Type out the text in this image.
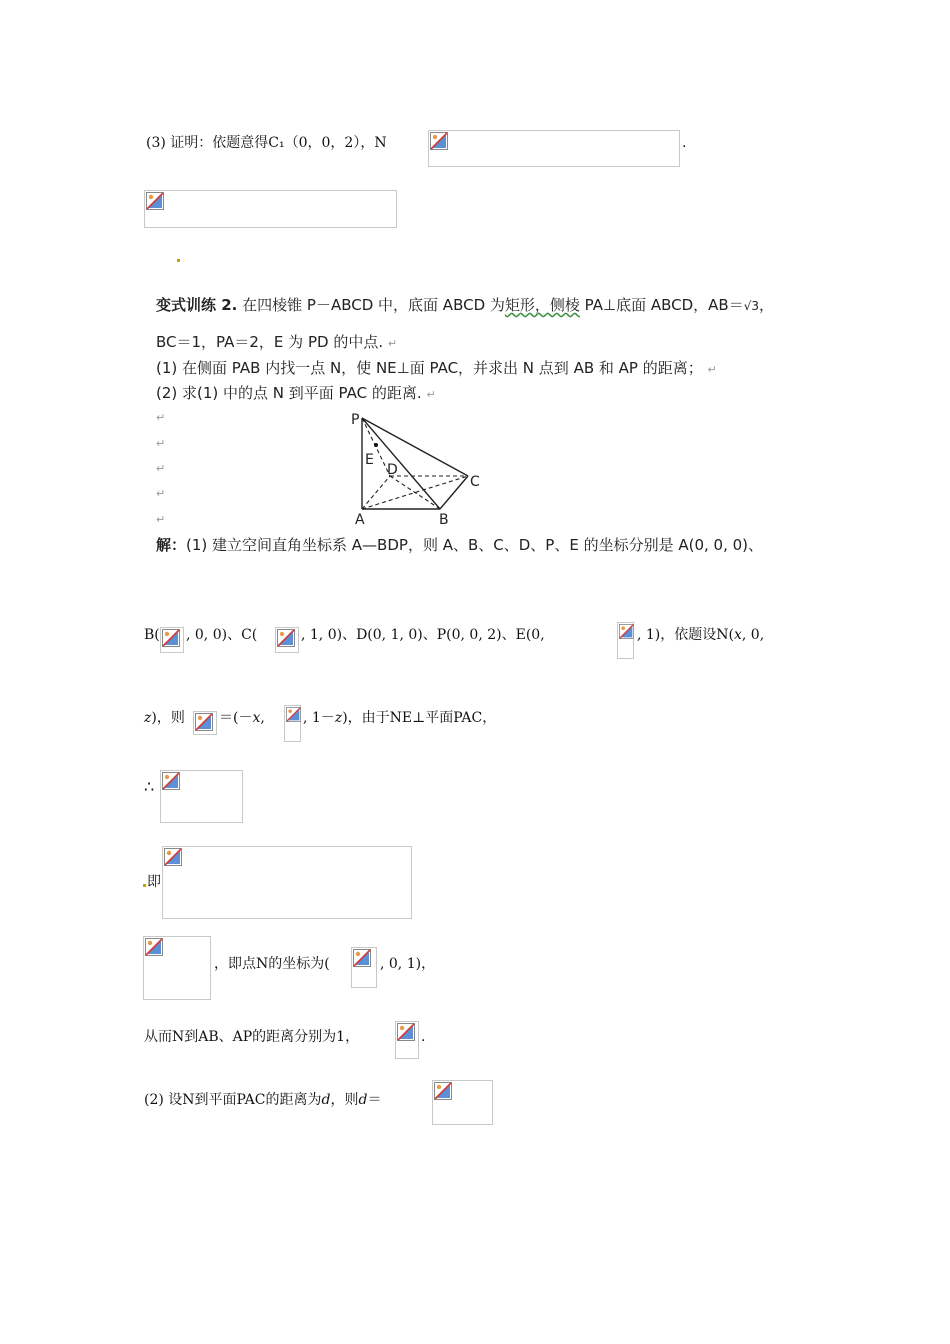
(3) 证明：依题意得C₁（0，0，2），N	.
变式训练 2. 在四棱锥 P－ABCD 中，底面 ABCD 为矩形，侧棱 PA⊥底面 ABCD，AB＝√3，
BC＝1，PA＝2，E 为 PD 的中点. ↵
(1) 在侧面 PAB 内找一点 N，使 NE⊥面 PAC，并求出 N 点到 AB 和 AP 的距离； ↵
(2) 求(1) 中的点 N 到平面 PAC 的距离. ↵
↵
↵
↵
↵
↵
P
E
D
C
A	B
解：(1) 建立空间直角坐标系 A—BDP，则 A、B、C、D、P、E 的坐标分别是 A(0, 0, 0)、
B( , 0, 0)、C(	, 1, 0)、D(0, 1, 0)、P(0, 0, 2)、E(0,	, 1)，依题设N(x, 0,
z)，则 ＝(－x,	, 1－z)，由于NE⊥平面PAC，
∴
即
，即点N的坐标为(	, 0, 1)，
从而N到AB、AP的距离分别为1，	.
(2) 设N到平面PAC的距离为d，则d＝
